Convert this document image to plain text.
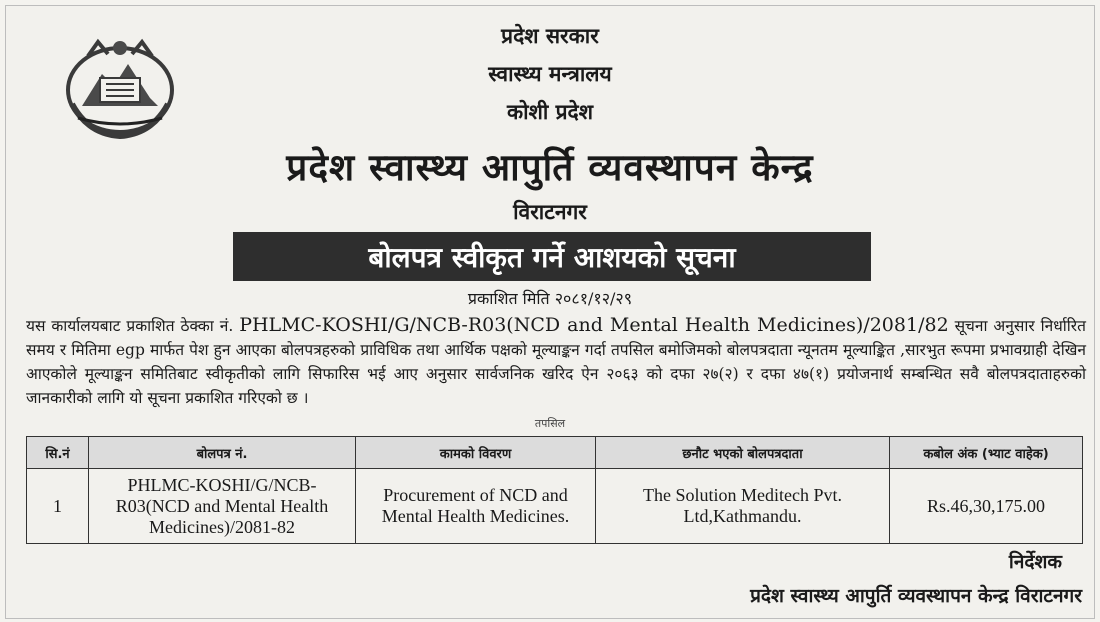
प्रदेश सरकार
स्वास्थ्य मन्त्रालय
कोशी प्रदेश
प्रदेश स्वास्थ्य आपुर्ति व्यवस्थापन केन्द्र
विराटनगर
बोलपत्र स्वीकृत गर्ने आशयको सूचना
प्रकाशित मिति २०८१/१२/२९
यस कार्यालयबाट प्रकाशित ठेक्का नं. PHLMC-KOSHI/G/NCB-R03(NCD and Mental Health Medicines)/2081/82 सूचना अनुसार निर्धारित समय र मितिमा egp मार्फत पेश हुन आएका बोलपत्रहरुको प्राविधिक तथा आर्थिक पक्षको मूल्याङ्कन गर्दा तपसिल बमोजिमको बोलपत्रदाता न्यूनतम मूल्याङ्कित ,सारभुत रूपमा प्रभावग्राही देखिन आएकोले मूल्याङ्कन समितिबाट स्वीकृतीको लागि सिफारिस भई आए अनुसार सार्वजनिक खरिद ऐन २०६३ को दफा २७(२) र दफा ४७(१) प्रयोजनार्थ सम्बन्धित सवै बोलपत्रदाताहरुको जानकारीको लागि यो सूचना प्रकाशित गरिएको छ ।
तपसिल
सि.नं	बोलपत्र नं.	कामको विवरण	छनौट भएको बोलपत्रदाता	कबोल अंक (भ्याट वाहेक)
1	PHLMC-KOSHI/G/NCB-R03(NCD and Mental Health Medicines)/2081-82	Procurement of NCD and Mental Health Medicines.	The Solution Meditech Pvt. Ltd,Kathmandu.	Rs.46,30,175.00
निर्देशक
प्रदेश स्वास्थ्य आपुर्ति व्यवस्थापन केन्द्र विराटनगर
